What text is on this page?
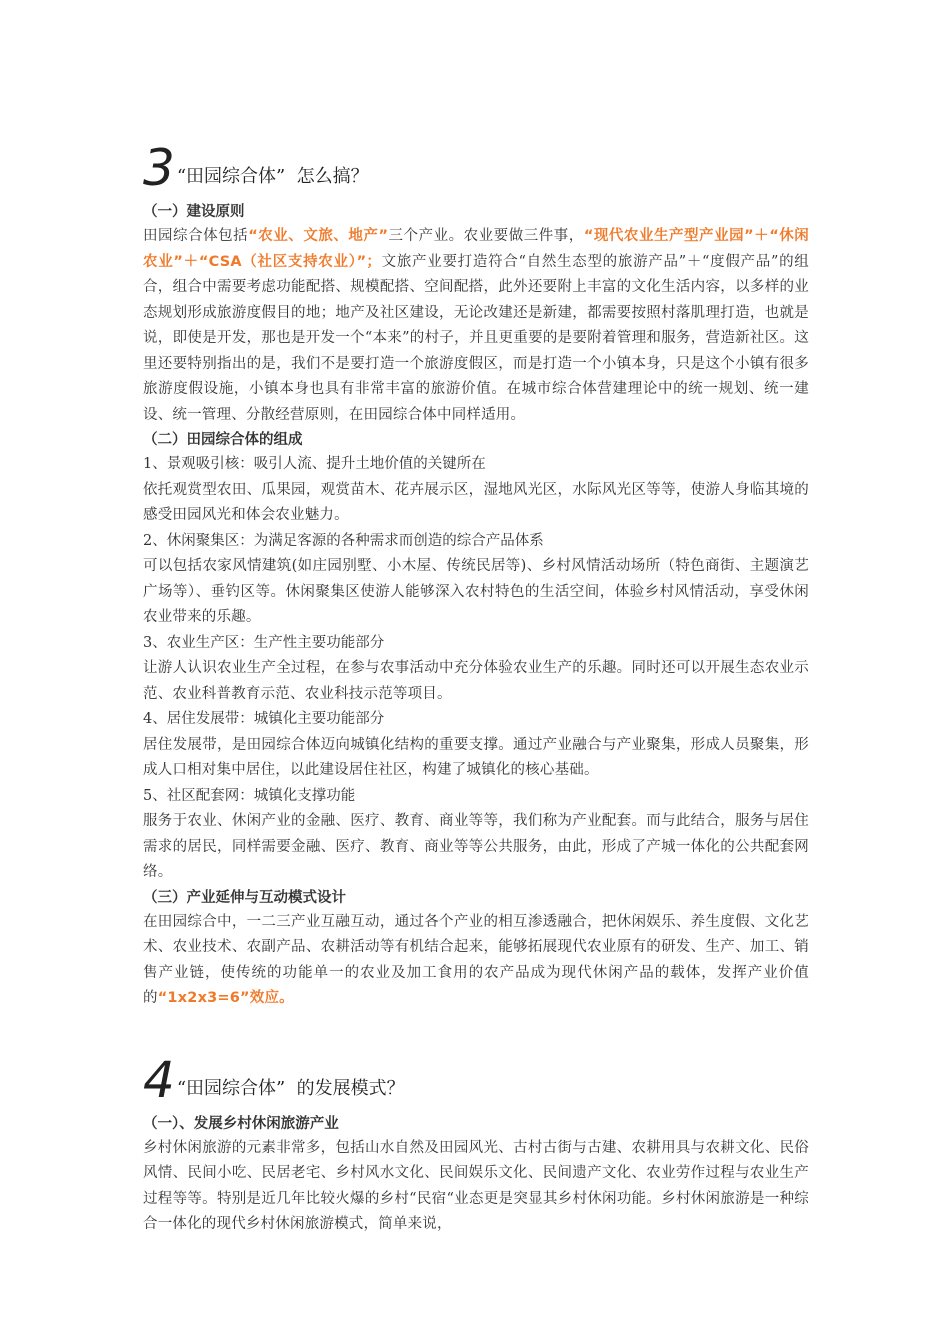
3 “田园综合体”  怎么搞？
（一）建设原则

田园综合体包括“农业、文旅、地产”三个产业。农业要做三件事，“现代农业生产型产业园”＋“休闲农业”＋“CSA（社区支持农业）”；文旅产业要打造符合“自然生态型的旅游产品”＋“度假产品”的组合，组合中需要考虑功能配搭、规模配搭、空间配搭，此外还要附上丰富的文化生活内容，以多样的业态规划形成旅游度假目的地；地产及社区建设，无论改建还是新建，都需要按照村落肌理打造，也就是说，即使是开发，那也是开发一个“本来”的村子，并且更重要的是要附着管理和服务，营造新社区。这里还要特别指出的是，我们不是要打造一个旅游度假区，而是打造一个小镇本身，只是这个小镇有很多旅游度假设施，小镇本身也具有非常丰富的旅游价值。在城市综合体营建理论中的统一规划、统一建设、统一管理、分散经营原则，在田园综合体中同样适用。

（二）田园综合体的组成

1、景观吸引核：吸引人流、提升土地价值的关键所在

依托观赏型农田、瓜果园，观赏苗木、花卉展示区，湿地风光区，水际风光区等等，使游人身临其境的感受田园风光和体会农业魅力。

2、休闲聚集区：为满足客源的各种需求而创造的综合产品体系

可以包括农家风情建筑(如庄园别墅、小木屋、传统民居等)、乡村风情活动场所（特色商街、主题演艺广场等）、垂钓区等。休闲聚集区使游人能够深入农村特色的生活空间，体验乡村风情活动，享受休闲农业带来的乐趣。

3、农业生产区：生产性主要功能部分

让游人认识农业生产全过程，在参与农事活动中充分体验农业生产的乐趣。同时还可以开展生态农业示范、农业科普教育示范、农业科技示范等项目。

4、居住发展带：城镇化主要功能部分

居住发展带，是田园综合体迈向城镇化结构的重要支撑。通过产业融合与产业聚集，形成人员聚集，形成人口相对集中居住，以此建设居住社区，构建了城镇化的核心基础。

5、社区配套网：城镇化支撑功能

服务于农业、休闲产业的金融、医疗、教育、商业等等，我们称为产业配套。而与此结合，服务与居住需求的居民，同样需要金融、医疗、教育、商业等等公共服务，由此，形成了产城一体化的公共配套网络。

（三）产业延伸与互动模式设计

在田园综合中，一二三产业互融互动，通过各个产业的相互渗透融合，把休闲娱乐、养生度假、文化艺术、农业技术、农副产品、农耕活动等有机结合起来，能够拓展现代农业原有的研发、生产、加工、销售产业链，使传统的功能单一的农业及加工食用的农产品成为现代休闲产品的载体，发挥产业价值的“1x2x3=6”效应。

4 “田园综合体”  的发展模式？
（一）、发展乡村休闲旅游产业

乡村休闲旅游的元素非常多，包括山水自然及田园风光、古村古街与古建、农耕用具与农耕文化、民俗风情、民间小吃、民居老宅、乡村风水文化、民间娱乐文化、民间遗产文化、农业劳作过程与农业生产过程等等。特别是近几年比较火爆的乡村“民宿“业态更是突显其乡村休闲功能。乡村休闲旅游是一种综合一体化的现代乡村休闲旅游模式，简单来说，
